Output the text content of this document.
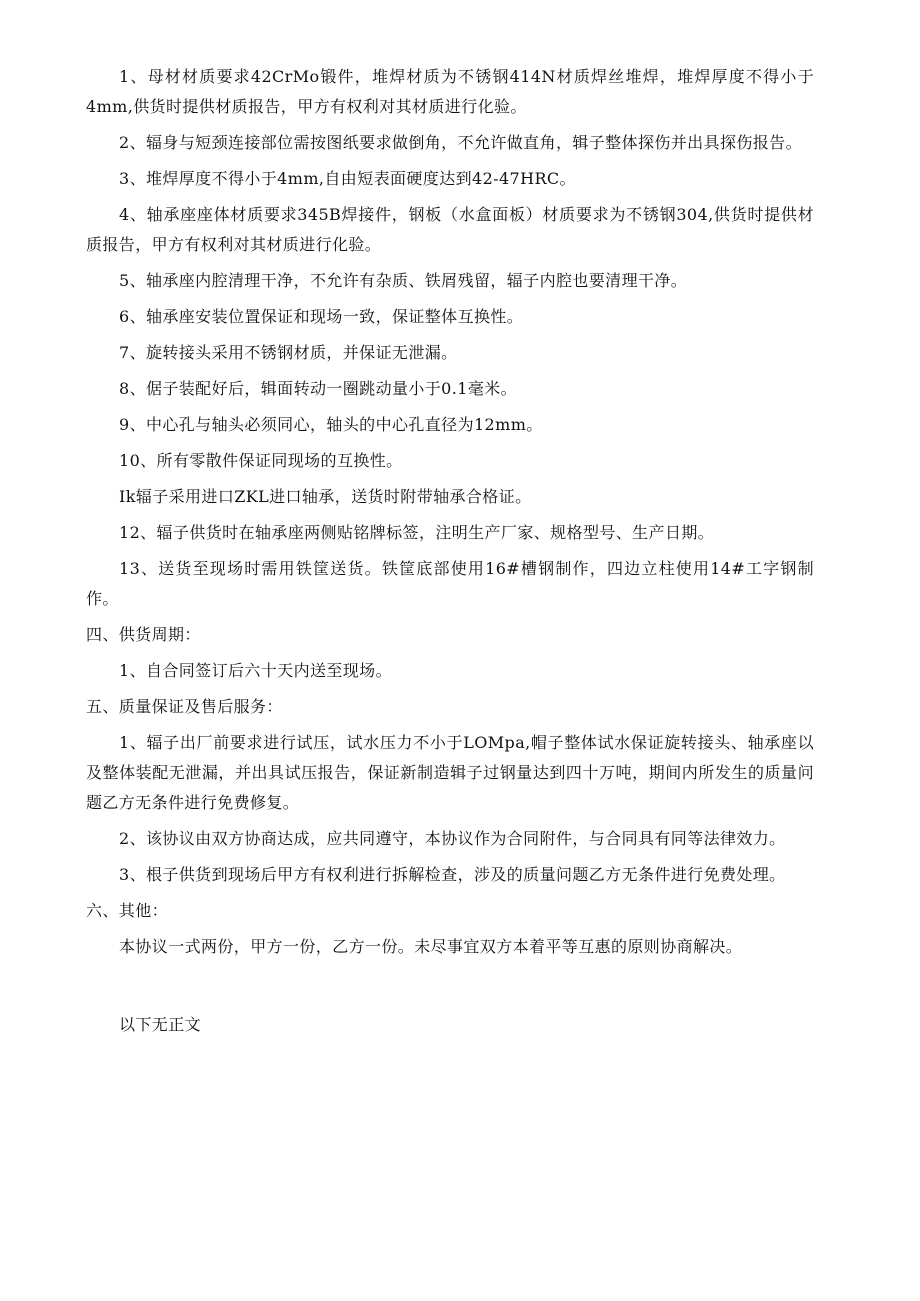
1、母材材质要求42CrMo锻件，堆焊材质为不锈钢414N材质焊丝堆焊，堆焊厚度不得小于4mm,供货时提供材质报告，甲方有权利对其材质进行化验。

2、辐身与短颈连接部位需按图纸要求做倒角，不允许做直角，辑子整体探伤并出具探伤报告。

3、堆焊厚度不得小于4mm,自由短表面硬度达到42-47HRC。

4、轴承座座体材质要求345B焊接件，钢板（水盒面板）材质要求为不锈钢304,供货时提供材质报告，甲方有权利对其材质进行化验。

5、轴承座内腔清理干净，不允许有杂质、铁屑残留，辐子内腔也要清理干净。

6、轴承座安装位置保证和现场一致，保证整体互换性。

7、旋转接头采用不锈钢材质，并保证无泄漏。

8、倨子装配好后，辑面转动一圈跳动量小于0.1毫米。

9、中心孔与轴头必须同心，轴头的中心孔直径为12mm。

10、所有零散件保证同现场的互换性。

Ik辐子采用进口ZKL进口轴承，送货时附带轴承合格证。

12、辐子供货时在轴承座两侧贴铭牌标签，注明生产厂家、规格型号、生产日期。

13、送货至现场时需用铁筐送货。铁筐底部使用16#槽钢制作，四边立柱使用14#工字钢制作。

四、供货周期：

1、自合同签订后六十天内送至现场。

五、质量保证及售后服务：

1、辐子出厂前要求进行试压，试水压力不小于LOMpa,帽子整体试水保证旋转接头、轴承座以及整体装配无泄漏，并出具试压报告，保证新制造辑子过钢量达到四十万吨，期间内所发生的质量问题乙方无条件进行免费修复。

2、该协议由双方协商达成，应共同遵守，本协议作为合同附件，与合同具有同等法律效力。

3、根子供货到现场后甲方有权利进行拆解检查，涉及的质量问题乙方无条件进行免费处理。

六、其他：

本协议一式两份，甲方一份，乙方一份。未尽事宜双方本着平等互惠的原则协商解决。

以下无正文
